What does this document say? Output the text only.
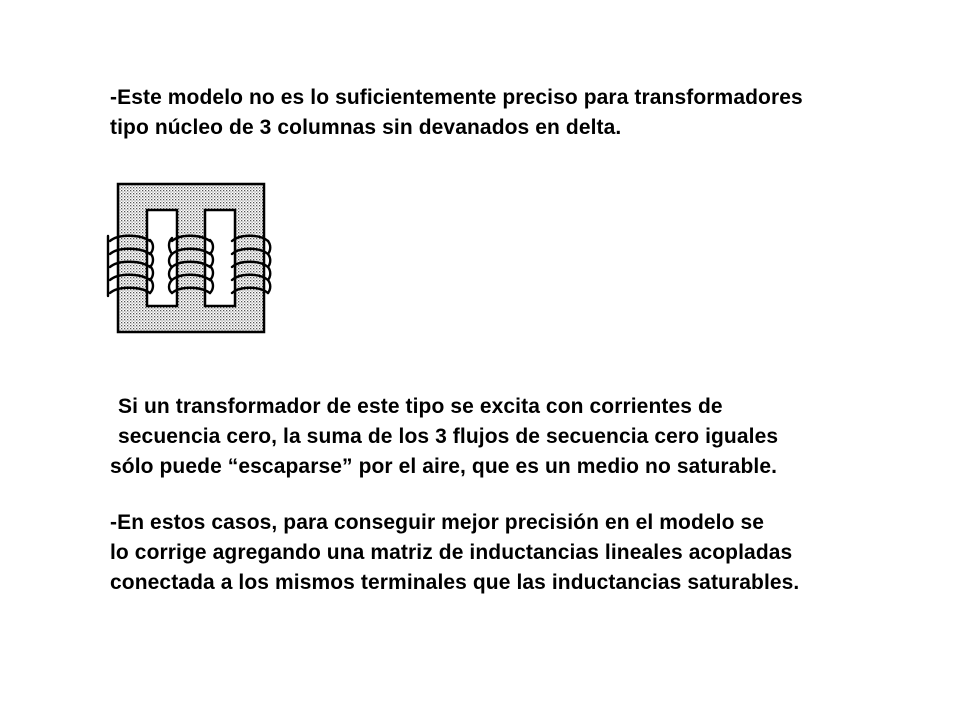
-Este modelo no es lo suficientemente preciso para transformadores
tipo núcleo de 3 columnas sin devanados en delta.

Si un transformador de este tipo se excita con corrientes de
secuencia cero, la suma de los 3 flujos de secuencia cero iguales
sólo puede “escaparse” por el aire, que es un medio no saturable.

-En estos casos, para conseguir mejor precisión en el modelo se
lo corrige agregando una matriz de inductancias lineales acopladas
conectada a los mismos terminales que las inductancias saturables.
